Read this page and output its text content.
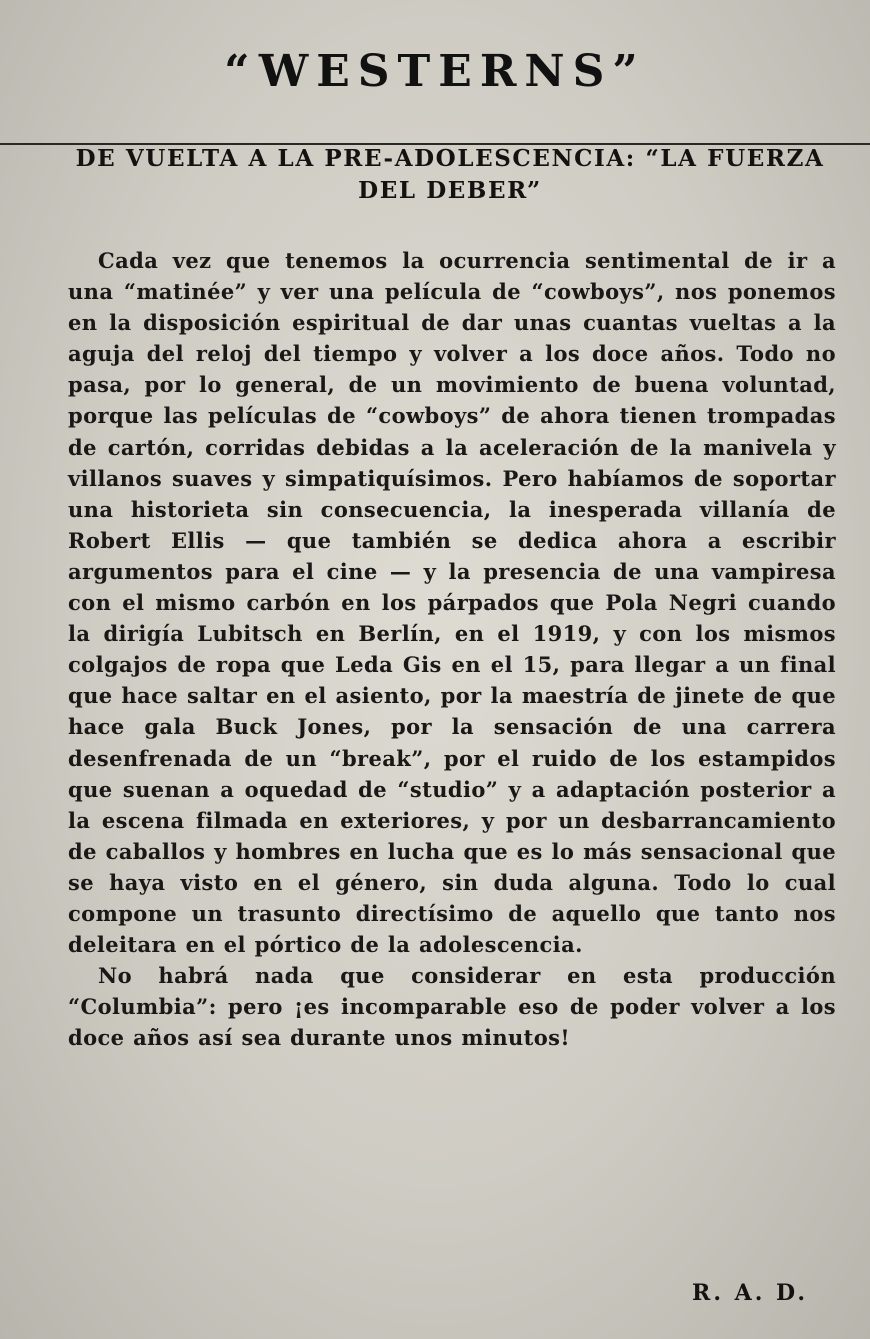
“WESTERNS”
DE VUELTA A LA PRE-ADOLESCENCIA: “LA FUERZA DEL DEBER”

Cada vez que tenemos la ocurrencia sentimental de ir a una “matinée” y ver una película de “cowboys”, nos ponemos en la disposición espiritual de dar unas cuantas vueltas a la aguja del reloj del tiempo y volver a los doce años. Todo no pasa, por lo general, de un movimiento de buena voluntad, porque las películas de “cowboys” de ahora tienen trompadas de cartón, corridas debidas a la aceleración de la manivela y villanos suaves y simpatiquísimos. Pero habíamos de soportar una historieta sin consecuencia, la inesperada villanía de Robert Ellis — que también se dedica ahora a escribir argumentos para el cine — y la presencia de una vampiresa con el mismo carbón en los párpados que Pola Negri cuando la dirigía Lubitsch en Berlín, en el 1919, y con los mismos colgajos de ropa que Leda Gis en el 15, para llegar a un final que hace saltar en el asiento, por la maestría de jinete de que hace gala Buck Jones, por la sensación de una carrera desenfrenada de un “break”, por el ruido de los estampidos que suenan a oquedad de “studio” y a adaptación posterior a la escena filmada en exteriores, y por un desbarrancamiento de caballos y hombres en lucha que es lo más sensacional que se haya visto en el género, sin duda alguna. Todo lo cual compone un trasunto directísimo de aquello que tanto nos deleitara en el pórtico de la adolescencia.

No habrá nada que considerar en esta producción “Columbia”: pero ¡es incomparable eso de poder volver a los doce años así sea durante unos minutos!

R. A. D.
